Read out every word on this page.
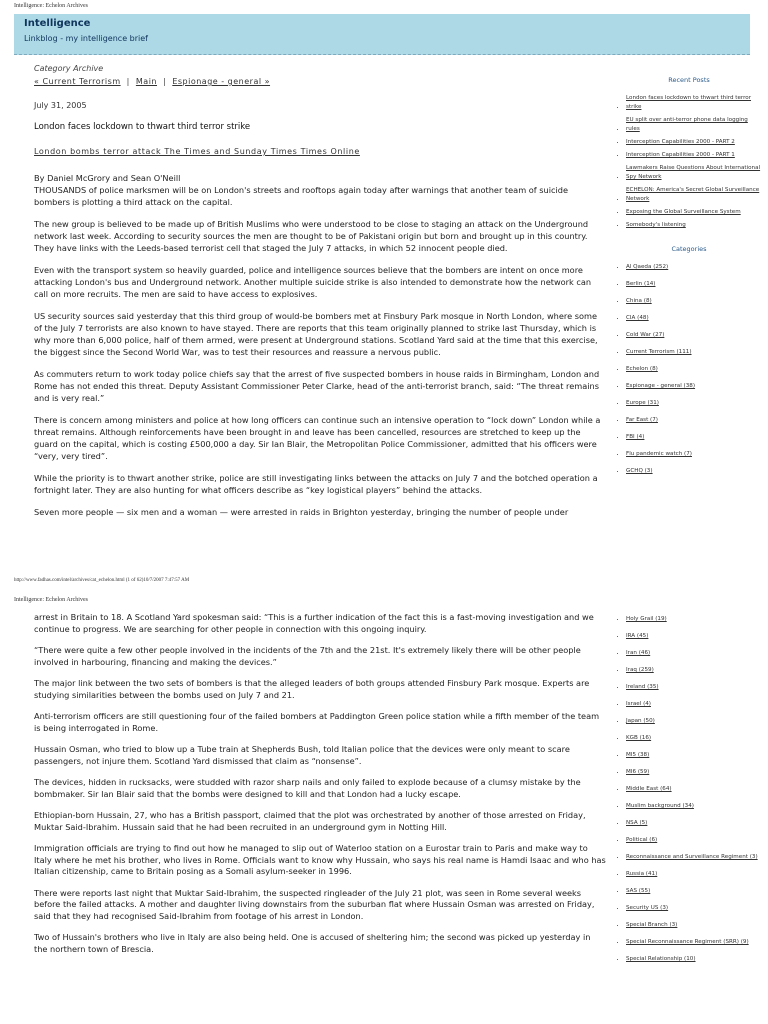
Intelligence: Echelon Archives
Intelligence
Linkblog - my intelligence brief
Category Archive
« Current Terrorism | Main | Espionage - general »
July 31, 2005
London faces lockdown to thwart third terror strike
London bombs terror attack The Times and Sunday Times Times Online

By Daniel McGrory and Sean O'Neill
THOUSANDS of police marksmen will be on London's streets and rooftops again today after warnings that another team of suicide bombers is plotting a third attack on the capital.

The new group is believed to be made up of British Muslims who were understood to be close to staging an attack on the Underground network last week. According to security sources the men are thought to be of Pakistani origin but born and brought up in this country. They have links with the Leeds-based terrorist cell that staged the July 7 attacks, in which 52 innocent people died.

Even with the transport system so heavily guarded, police and intelligence sources believe that the bombers are intent on once more attacking London's bus and Underground network. Another multiple suicide strike is also intended to demonstrate how the network can call on more recruits. The men are said to have access to explosives.

US security sources said yesterday that this third group of would-be bombers met at Finsbury Park mosque in North London, where some of the July 7 terrorists are also known to have stayed. There are reports that this team originally planned to strike last Thursday, which is why more than 6,000 police, half of them armed, were present at Underground stations. Scotland Yard said at the time that this exercise, the biggest since the Second World War, was to test their resources and reassure a nervous public.

As commuters return to work today police chiefs say that the arrest of five suspected bombers in house raids in Birmingham, London and Rome has not ended this threat. Deputy Assistant Commissioner Peter Clarke, head of the anti-terrorist branch, said: “The threat remains and is very real.”

There is concern among ministers and police at how long officers can continue such an intensive operation to “lock down” London while a threat remains. Although reinforcements have been brought in and leave has been cancelled, resources are stretched to keep up the guard on the capital, which is costing £500,000 a day. Sir Ian Blair, the Metropolitan Police Commissioner, admitted that his officers were “very, very tired”.

While the priority is to thwart another strike, police are still investigating links between the attacks on July 7 and the botched operation a fortnight later. They are also hunting for what officers describe as “key logistical players” behind the attacks.

Seven more people — six men and a woman — were arrested in raids in Brighton yesterday, bringing the number of people under

Recent Posts
• London faces lockdown to thwart third terror strike
• EU split over anti-terror phone data logging rules
• Interception Capabilities 2000 - PART 2
• Interception Capabilities 2000 - PART 1
• Lawmakers Raise Questions About International Spy Network
• ECHELON: America's Secret Global Surveillance Network
• Exposing the Global Surveillance System
• Somebody's listening
Categories
• Al Qaeda (252)
• Berlin (14)
• China (8)
• CIA (48)
• Cold War (27)
• Current Terrorism (111)
• Echelon (8)
• Espionage - general (38)
• Europe (31)
• Far East (7)
• FBI (4)
• Flu pandemic watch (7)
• GCHQ (3)
http://www.fadhas.com/intel/archives/cat_echelon.html (1 of 62)10/7/2007 7:47:57 AM
Intelligence: Echelon Archives

arrest in Britain to 18. A Scotland Yard spokesman said: “This is a further indication of the fact this is a fast-moving investigation and we continue to progress. We are searching for other people in connection with this ongoing inquiry.

“There were quite a few other people involved in the incidents of the 7th and the 21st. It's extremely likely there will be other people involved in harbouring, financing and making the devices.”

The major link between the two sets of bombers is that the alleged leaders of both groups attended Finsbury Park mosque. Experts are studying similarities between the bombs used on July 7 and 21.

Anti-terrorism officers are still questioning four of the failed bombers at Paddington Green police station while a fifth member of the team is being interrogated in Rome.

Hussain Osman, who tried to blow up a Tube train at Shepherds Bush, told Italian police that the devices were only meant to scare passengers, not injure them. Scotland Yard dismissed that claim as “nonsense”.

The devices, hidden in rucksacks, were studded with razor sharp nails and only failed to explode because of a clumsy mistake by the bombmaker. Sir Ian Blair said that the bombs were designed to kill and that London had a lucky escape.

Ethiopian-born Hussain, 27, who has a British passport, claimed that the plot was orchestrated by another of those arrested on Friday, Muktar Said-Ibrahim. Hussain said that he had been recruited in an underground gym in Notting Hill.

Immigration officials are trying to find out how he managed to slip out of Waterloo station on a Eurostar train to Paris and make way to Italy where he met his brother, who lives in Rome. Officials want to know why Hussain, who says his real name is Hamdi Isaac and who has Italian citizenship, came to Britain posing as a Somali asylum-seeker in 1996.

There were reports last night that Muktar Said-Ibrahim, the suspected ringleader of the July 21 plot, was seen in Rome several weeks before the failed attacks. A mother and daughter living downstairs from the suburban flat where Hussain Osman was arrested on Friday, said that they had recognised Said-Ibrahim from footage of his arrest in London.

Two of Hussain's brothers who live in Italy are also being held. One is accused of sheltering him; the second was picked up yesterday in the northern town of Brescia.

• Holy Grail (19)
• IRA (45)
• Iran (46)
• Iraq (259)
• Ireland (35)
• Israel (4)
• Japan (50)
• KGB (16)
• MI5 (38)
• MI6 (59)
• Middle East (64)
• Muslim background (34)
• NSA (5)
• Political (6)
• Reconnaissance and Surveillance Regiment (3)
• Russia (41)
• SAS (55)
• Security US (3)
• Special Branch (3)
• Special Reconnaissance Regiment (SRR) (9)
• Special Relationship (10)
